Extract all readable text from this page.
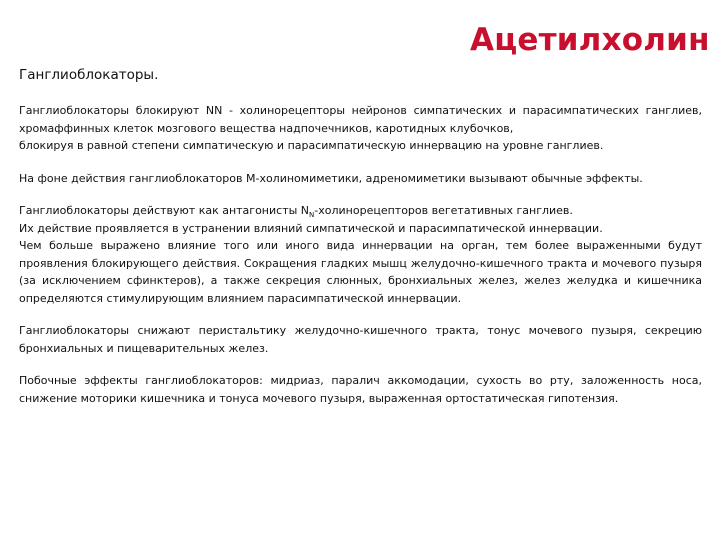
Ацетилхолин

Ганглиоблокаторы.

Ганглиоблокаторы блокируют NN - холинорецепторы нейронов симпатических и парасимпатических ганглиев, хромаффинных клеток мозгового вещества надпочечников, каротидных клубочков,

блокируя в равной степени симпатическую и парасимпатическую иннервацию на уровне ганглиев.

На фоне действия ганглиоблокаторов М-холиномиметики, адреномиметики вызывают обычные эффекты.

Ганглиоблокаторы действуют как антагонисты $N_N$-холинорецепторов вегетативных ганглиев.

Их действие проявляется в устранении влияний симпатической и парасимпатической иннервации.

Чем больше выражено влияние того или иного вида иннервации на орган, тем более выраженными будут проявления блокирующего действия. Сокращения гладких мышц желудочно-кишечного тракта и мочевого пузыря (за исключением сфинктеров), а также секреция слюнных, бронхиальных желез, желез желудка и кишечника определяются стимулирующим влиянием парасимпатической иннервации.

Ганглиоблокаторы снижают перистальтику желудочно-кишечного тракта, тонус мочевого пузыря, секрецию бронхиальных и пищеварительных желез.

Побочные эффекты ганглиоблокаторов: мидриаз, паралич аккомодации, сухость во рту, заложенность носа, снижение моторики кишечника и тонуса мочевого пузыря, выраженная ортостатическая гипотензия.
